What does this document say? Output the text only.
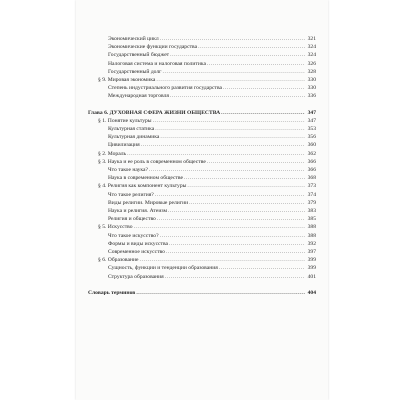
Экономический цикл .....	321
Экономические функции государства .....	324
Государственный бюджет .....	324
Налоговая система и налоговая политика .....	326
Государственный долг .....	328
§ 9. Мировая экономика .....	330
Степень индустриального развития государства .....	330
Международная торговля .....	336
Глава 6. ДУХОВНАЯ СФЕРА ЖИЗНИ ОБЩЕСТВА .....	347
§ 1. Понятие культуры .....	347
Культурная статика .....	353
Культурная динамика .....	356
Цивилизация .....	360
§ 2. Мораль .....	362
§ 3. Наука и ее роль в современном обществе .....	366
Что такое наука? .....	366
Наука в современном обществе .....	368
§ 4. Религия как компонент культуры .....	373
Что такое религия? .....	374
Виды религии. Мировые религии .....	379
Наука и религия. Атеизм .....	383
Религия и общество .....	385
§ 5. Искусство .....	388
Что такое искусство? .....	388
Формы и виды искусства .....	392
Современное искусство .....	397
§ 6. Образование .....	399
Сущность, функции и тенденции образования .....	399
Структура образования .....	401
Словарь терминов .....	404
